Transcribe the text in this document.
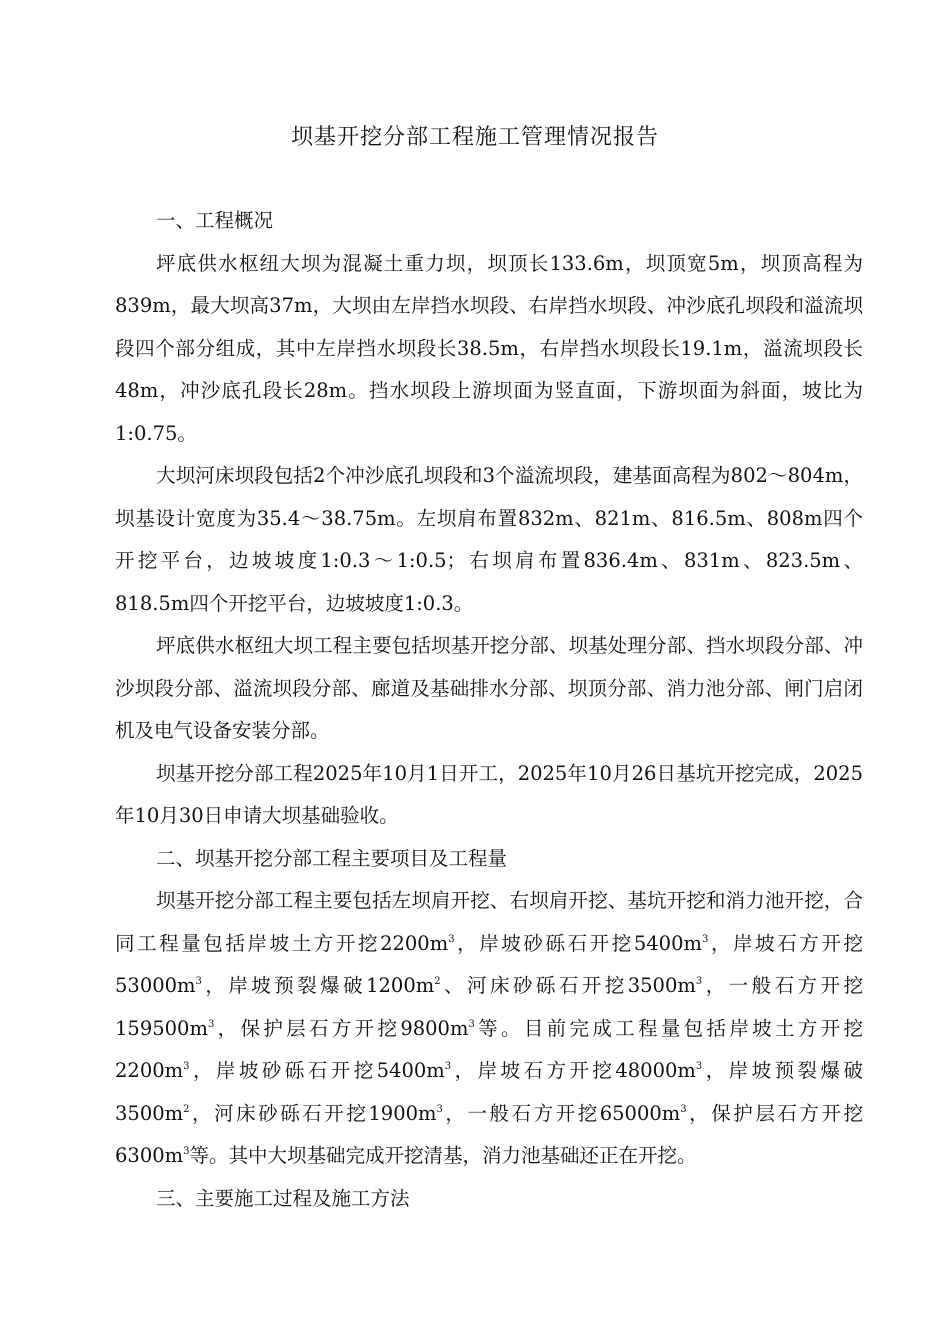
坝基开挖分部工程施工管理情况报告

一、工程概况

坪底供水枢纽大坝为混凝土重力坝，坝顶长133.6m，坝顶宽5m，坝顶高程为839m，最大坝高37m，大坝由左岸挡水坝段、右岸挡水坝段、冲沙底孔坝段和溢流坝段四个部分组成，其中左岸挡水坝段长38.5m，右岸挡水坝段长19.1m，溢流坝段长48m，冲沙底孔段长28m。挡水坝段上游坝面为竖直面，下游坝面为斜面，坡比为1:0.75。

大坝河床坝段包括2个冲沙底孔坝段和3个溢流坝段，建基面高程为802～804m，坝基设计宽度为35.4～38.75m。左坝肩布置832m、821m、816.5m、808m四个开挖平台，边坡坡度1:0.3～1:0.5；右坝肩布置836.4m、831m、823.5m、818.5m四个开挖平台，边坡坡度1:0.3。

坪底供水枢纽大坝工程主要包括坝基开挖分部、坝基处理分部、挡水坝段分部、冲沙坝段分部、溢流坝段分部、廊道及基础排水分部、坝顶分部、消力池分部、闸门启闭机及电气设备安装分部。

坝基开挖分部工程2025年10月1日开工，2025年10月26日基坑开挖完成，2025年10月30日申请大坝基础验收。

二、坝基开挖分部工程主要项目及工程量

坝基开挖分部工程主要包括左坝肩开挖、右坝肩开挖、基坑开挖和消力池开挖，合同工程量包括岸坡土方开挖$2200m^3$，岸坡砂砾石开挖$5400m^3$，岸坡石方开挖$53000m^3$，岸坡预裂爆破$1200m^2$、河床砂砾石开挖$3500m^3$，一般石方开挖$159500m^3$，保护层石方开挖$9800m^3$等。目前完成工程量包括岸坡土方开挖$2200m^3$，岸坡砂砾石开挖$5400m^3$，岸坡石方开挖$48000m^3$，岸坡预裂爆破$3500m^2$，河床砂砾石开挖$1900m^3$，一般石方开挖$65000m^3$，保护层石方开挖$6300m^3$等。其中大坝基础完成开挖清基，消力池基础还正在开挖。

三、主要施工过程及施工方法
